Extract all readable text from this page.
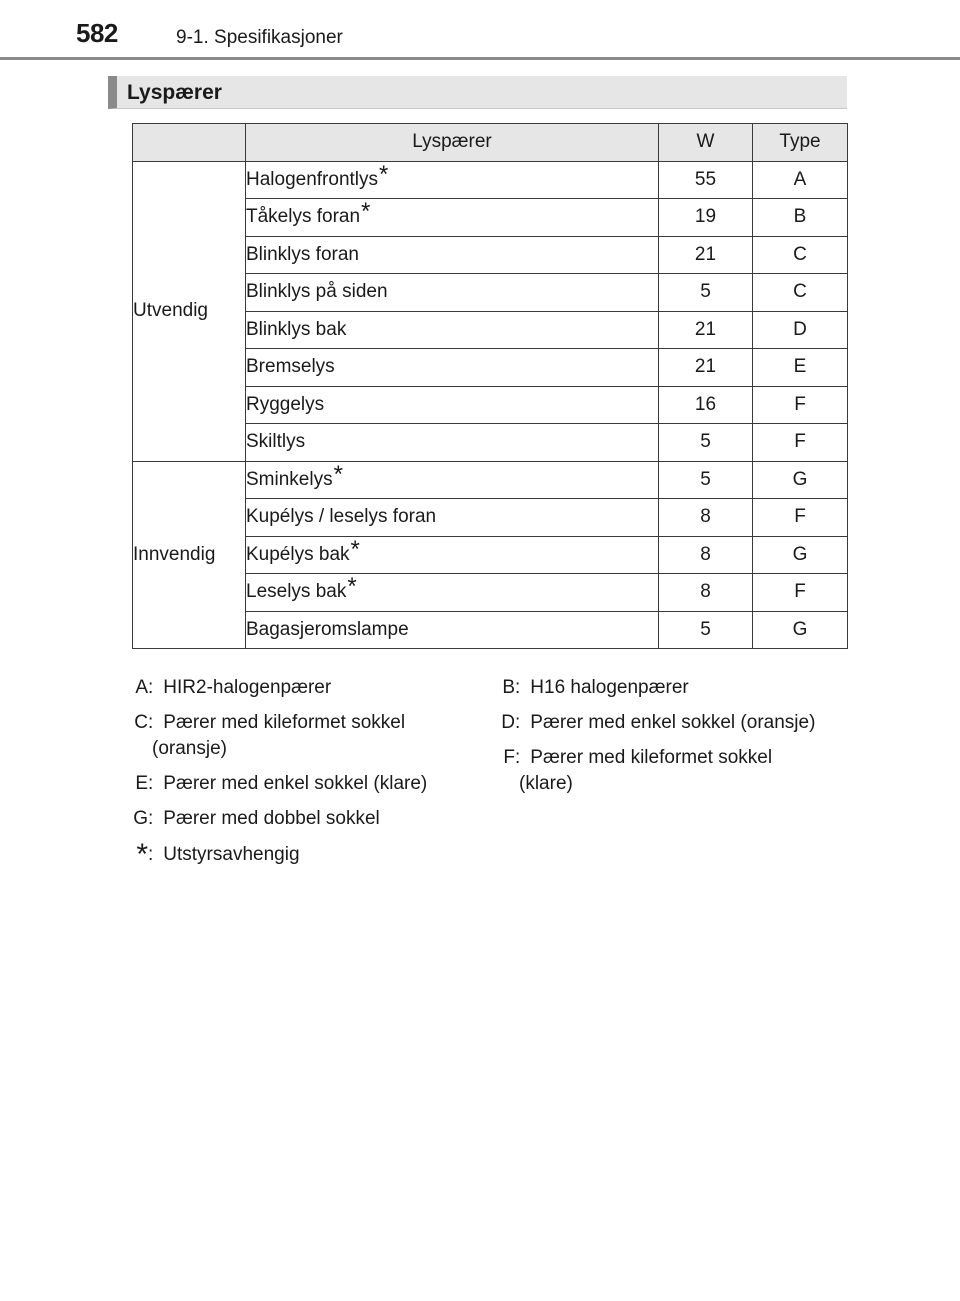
582	9-1. Spesifikasjoner
Lyspærer
	Lyspærer	W	Type
Utvendig	Halogenfrontlys*	55	A
	Tåkelys foran*	19	B
	Blinklys foran	21	C
	Blinklys på siden	5	C
	Blinklys bak	21	D
	Bremselys	21	E
	Ryggelys	16	F
	Skiltlys	5	F
Innvendig	Sminkelys*	5	G
	Kupélys / leselys foran	8	F
	Kupélys bak*	8	G
	Leselys bak*	8	F
	Bagasjeromslampe	5	G
A: HIR2-halogenpærer
C: Pærer med kileformet sokkel
(oransje)
E: Pærer med enkel sokkel (klare)
G: Pærer med dobbel sokkel
*: Utstyrsavhengig
B: H16 halogenpærer
D: Pærer med enkel sokkel (oransje)
F: Pærer med kileformet sokkel
(klare)
